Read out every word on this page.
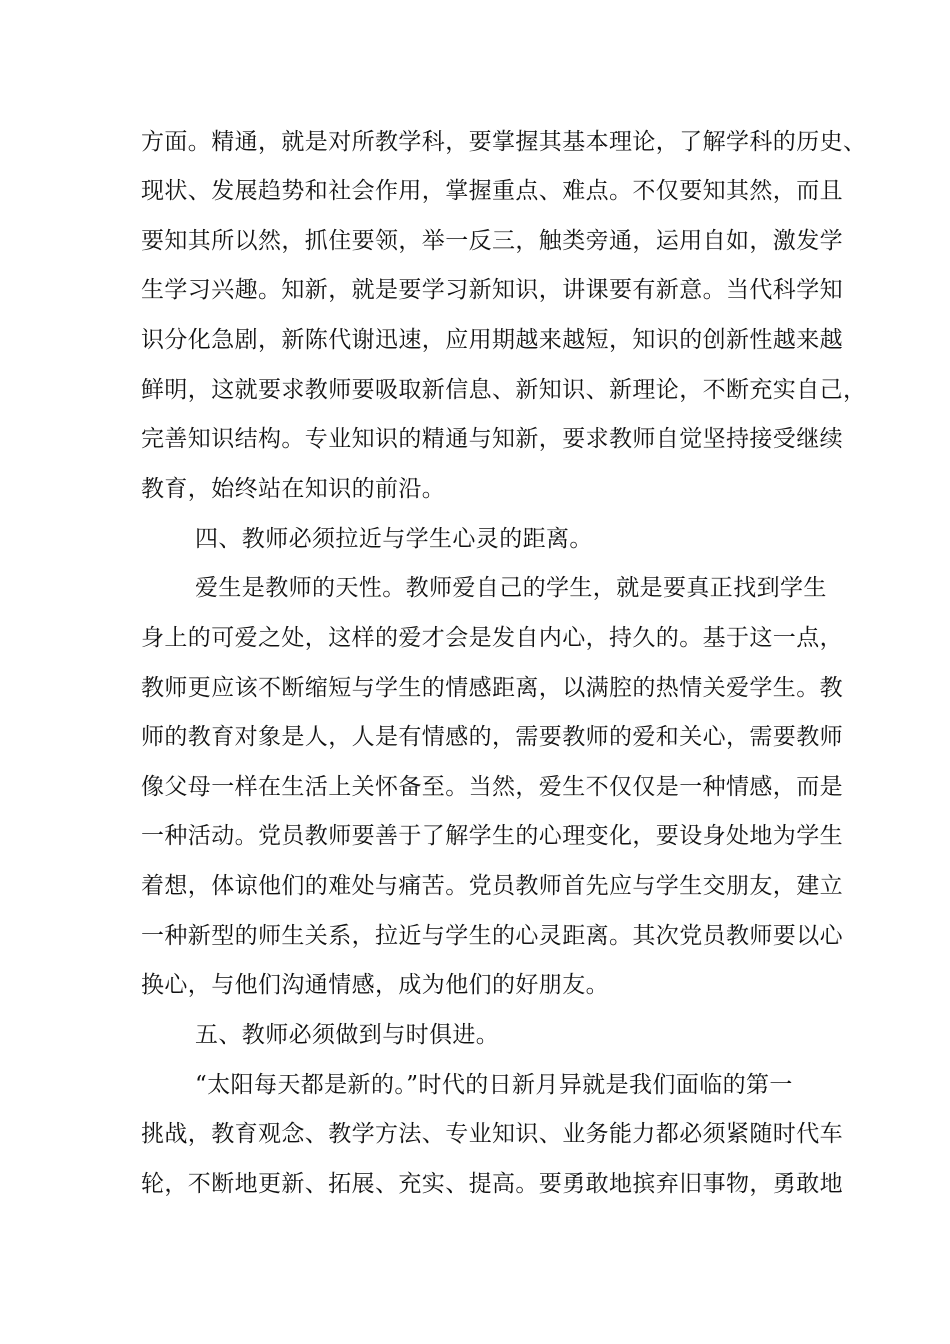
方面。精通，就是对所教学科，要掌握其基本理论，了解学科的历史、
现状、发展趋势和社会作用，掌握重点、难点。不仅要知其然，而且
要知其所以然，抓住要领，举一反三，触类旁通，运用自如，激发学
生学习兴趣。知新，就是要学习新知识，讲课要有新意。当代科学知
识分化急剧，新陈代谢迅速，应用期越来越短，知识的创新性越来越
鲜明，这就要求教师要吸取新信息、新知识、新理论，不断充实自己，
完善知识结构。专业知识的精通与知新，要求教师自觉坚持接受继续
教育，始终站在知识的前沿。
四、教师必须拉近与学生心灵的距离。
爱生是教师的天性。教师爱自己的学生，就是要真正找到学生
身上的可爱之处，这样的爱才会是发自内心，持久的。基于这一点，
教师更应该不断缩短与学生的情感距离，以满腔的热情关爱学生。教
师的教育对象是人，人是有情感的，需要教师的爱和关心，需要教师
像父母一样在生活上关怀备至。当然，爱生不仅仅是一种情感，而是
一种活动。党员教师要善于了解学生的心理变化，要设身处地为学生
着想，体谅他们的难处与痛苦。党员教师首先应与学生交朋友，建立
一种新型的师生关系，拉近与学生的心灵距离。其次党员教师要以心
换心，与他们沟通情感，成为他们的好朋友。
五、教师必须做到与时俱进。
“太阳每天都是新的。”时代的日新月异就是我们面临的第一
挑战，教育观念、教学方法、专业知识、业务能力都必须紧随时代车
轮，不断地更新、拓展、充实、提高。要勇敢地摈弃旧事物，勇敢地
